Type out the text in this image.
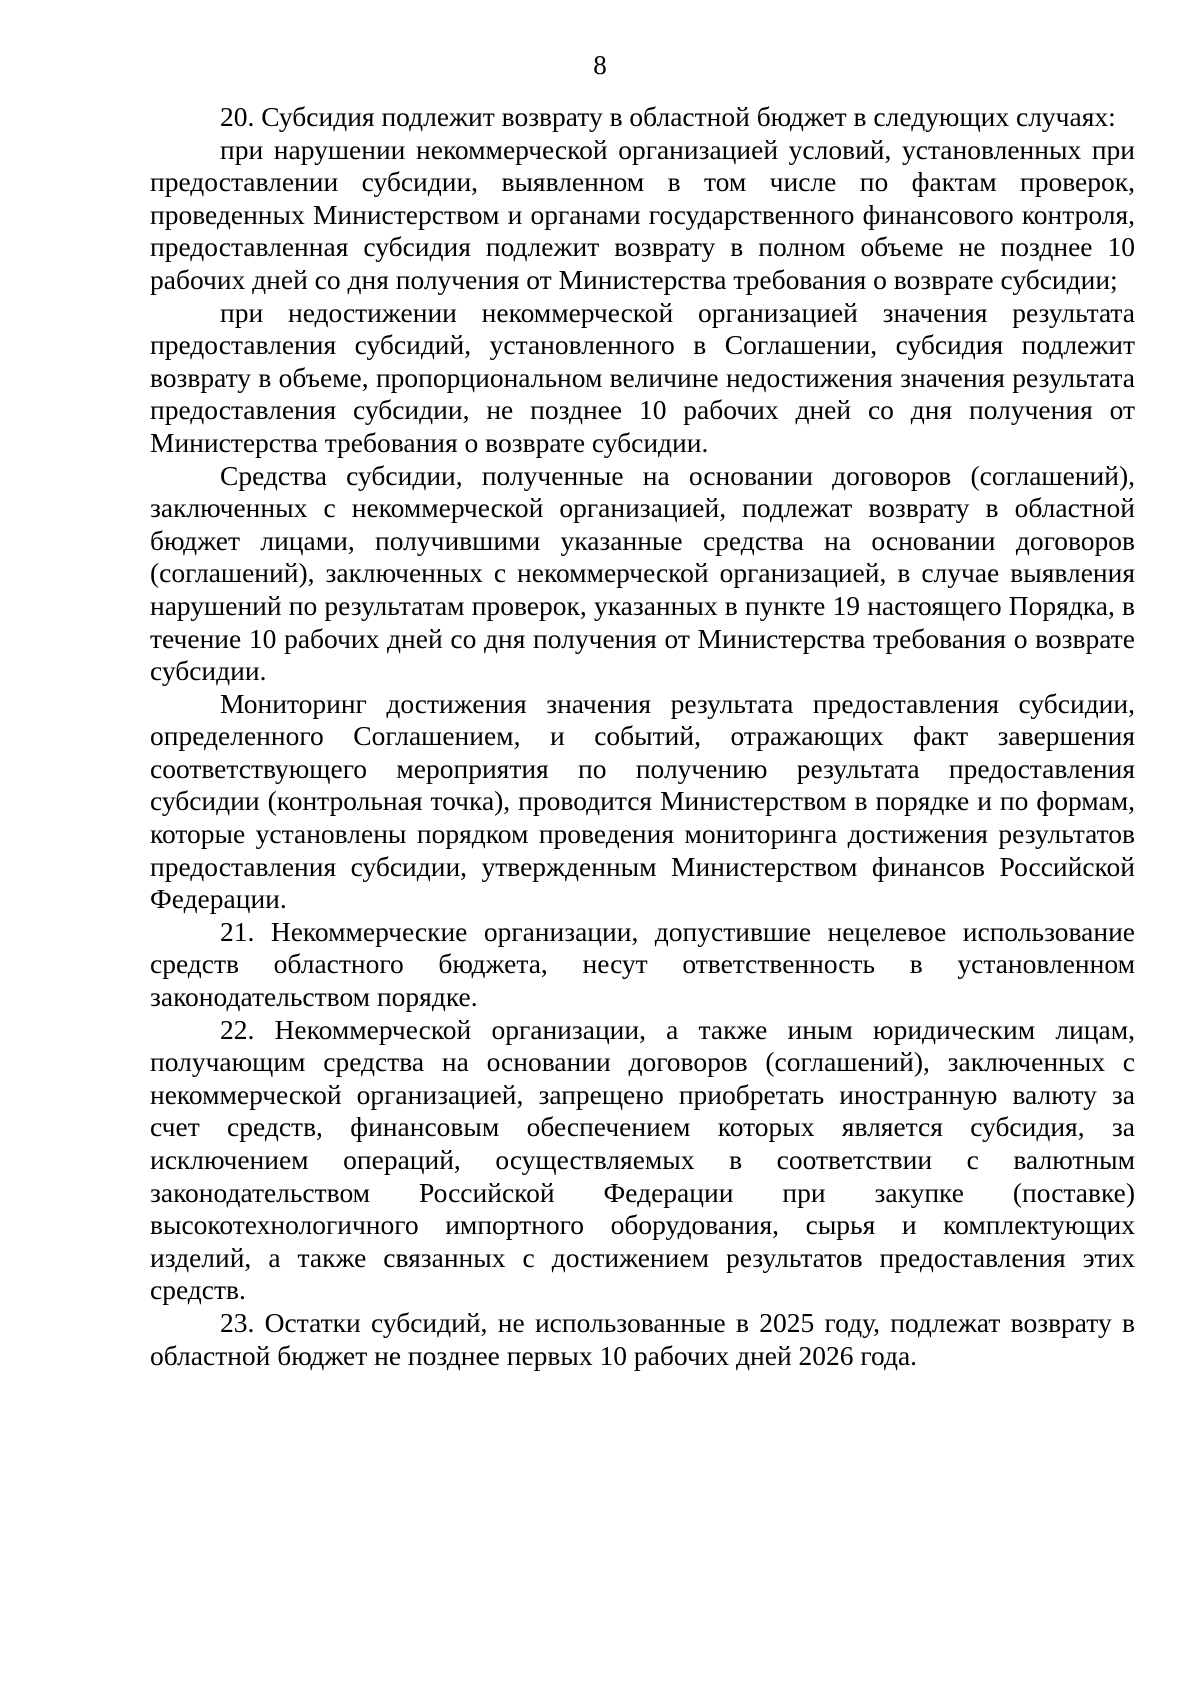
8

20. Субсидия подлежит возврату в областной бюджет в следующих случаях:

при нарушении некоммерческой организацией условий, установленных при предоставлении субсидии, выявленном в том числе по фактам проверок, проведенных Министерством и органами государственного финансового контроля, предоставленная субсидия подлежит возврату в полном объеме не позднее 10 рабочих дней со дня получения от Министерства требования о возврате субсидии;

при недостижении некоммерческой организацией значения результата предоставления субсидий, установленного в Соглашении, субсидия подлежит возврату в объеме, пропорциональном величине недостижения значения результата предоставления субсидии, не позднее 10 рабочих дней со дня получения от Министерства требования о возврате субсидии.

Средства субсидии, полученные на основании договоров (соглашений), заключенных с некоммерческой организацией, подлежат возврату в областной бюджет лицами, получившими указанные средства на основании договоров (соглашений), заключенных с некоммерческой организацией, в случае выявления нарушений по результатам проверок, указанных в пункте 19 настоящего Порядка, в течение 10 рабочих дней со дня получения от Министерства требования о возврате субсидии.

Мониторинг достижения значения результата предоставления субсидии, определенного Соглашением, и событий, отражающих факт завершения соответствующего мероприятия по получению результата предоставления субсидии (контрольная точка), проводится Министерством в порядке и по формам, которые установлены порядком проведения мониторинга достижения результатов предоставления субсидии, утвержденным Министерством финансов Российской Федерации.

21. Некоммерческие организации, допустившие нецелевое использование средств областного бюджета, несут ответственность в установленном законодательством порядке.

22. Некоммерческой организации, а также иным юридическим лицам, получающим средства на основании договоров (соглашений), заключенных с некоммерческой организацией, запрещено приобретать иностранную валюту за счет средств, финансовым обеспечением которых является субсидия, за исключением операций, осуществляемых в соответствии с валютным законодательством Российской Федерации при закупке (поставке) высокотехнологичного импортного оборудования, сырья и комплектующих изделий, а также связанных с достижением результатов предоставления этих средств.

23. Остатки субсидий, не использованные в 2025 году, подлежат возврату в областной бюджет не позднее первых 10 рабочих дней 2026 года.
